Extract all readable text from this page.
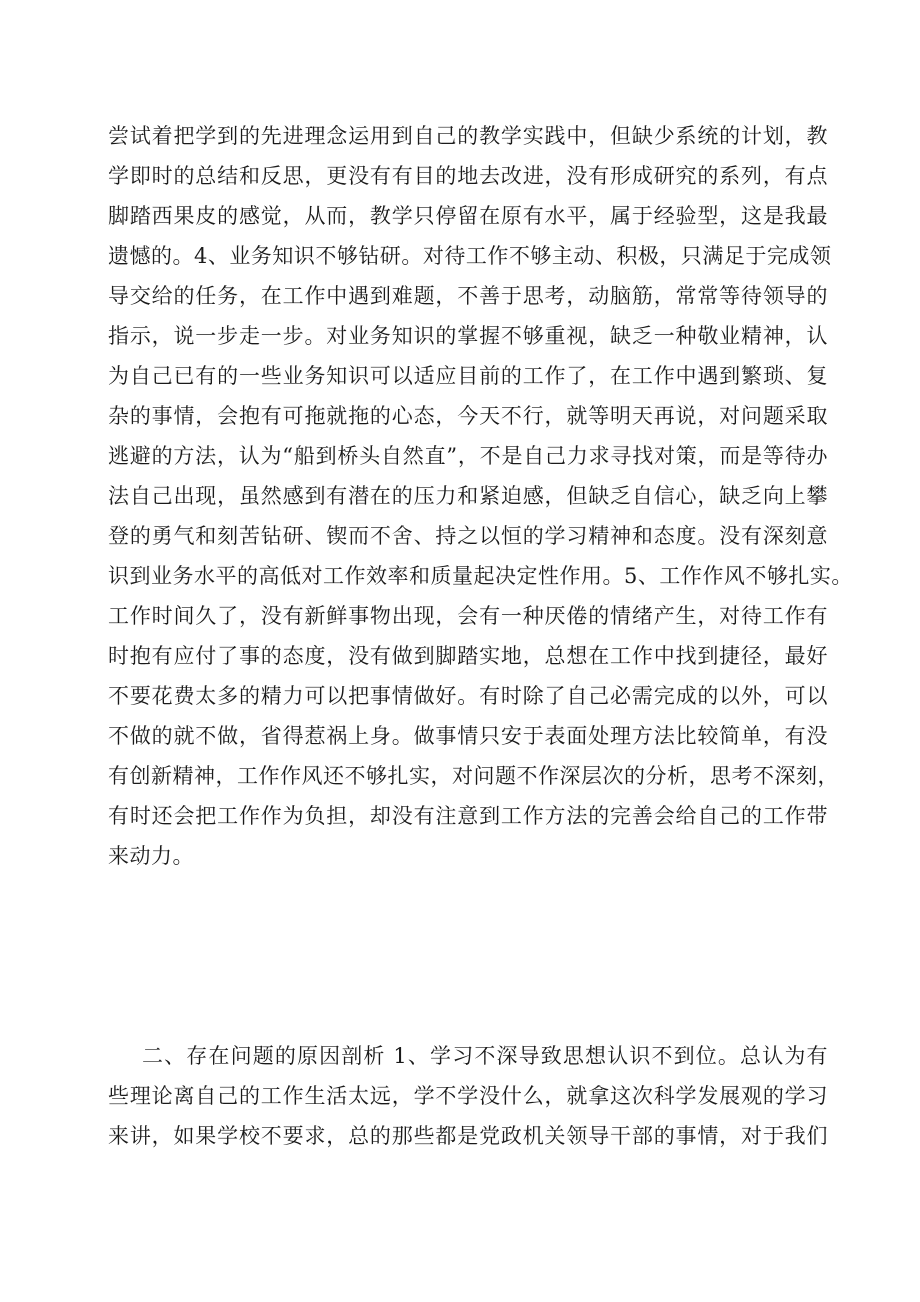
尝试着把学到的先进理念运用到自己的教学实践中，但缺少系统的计划，教
学即时的总结和反思，更没有有目的地去改进，没有形成研究的系列，有点
脚踏西果皮的感觉，从而，教学只停留在原有水平，属于经验型，这是我最
遗憾的。4、业务知识不够钻研。对待工作不够主动、积极，只满足于完成领
导交给的任务，在工作中遇到难题，不善于思考，动脑筋，常常等待领导的
指示，说一步走一步。对业务知识的掌握不够重视，缺乏一种敬业精神，认
为自己已有的一些业务知识可以适应目前的工作了，在工作中遇到繁琐、复
杂的事情，会抱有可拖就拖的心态，今天不行，就等明天再说，对问题采取
逃避的方法，认为“船到桥头自然直”，不是自己力求寻找对策，而是等待办
法自己出现，虽然感到有潜在的压力和紧迫感，但缺乏自信心，缺乏向上攀
登的勇气和刻苦钻研、锲而不舍、持之以恒的学习精神和态度。没有深刻意
识到业务水平的高低对工作效率和质量起决定性作用。5、工作作风不够扎实。
工作时间久了，没有新鲜事物出现，会有一种厌倦的情绪产生，对待工作有
时抱有应付了事的态度，没有做到脚踏实地，总想在工作中找到捷径，最好
不要花费太多的精力可以把事情做好。有时除了自己必需完成的以外，可以
不做的就不做，省得惹祸上身。做事情只安于表面处理方法比较简单，有没
有创新精神，工作作风还不够扎实，对问题不作深层次的分析，思考不深刻，
有时还会把工作作为负担，却没有注意到工作方法的完善会给自己的工作带
来动力。
二、存在问题的原因剖析 1、学习不深导致思想认识不到位。总认为有
些理论离自己的工作生活太远，学不学没什么，就拿这次科学发展观的学习
来讲，如果学校不要求，总的那些都是党政机关领导干部的事情，对于我们
